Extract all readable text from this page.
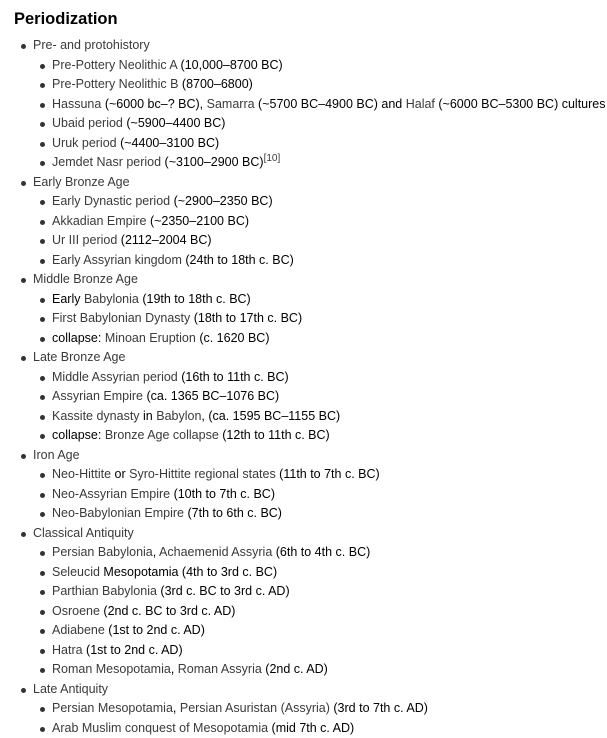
Periodization
Pre- and protohistory
Pre-Pottery Neolithic A (10,000–8700 BC)
Pre-Pottery Neolithic B (8700–6800)
Hassuna (~6000 bc–? BC), Samarra (~5700 BC–4900 BC) and Halaf (~6000 BC–5300 BC) cultures
Ubaid period (~5900–4400 BC)
Uruk period (~4400–3100 BC)
Jemdet Nasr period (~3100–2900 BC)[10]
Early Bronze Age
Early Dynastic period (~2900–2350 BC)
Akkadian Empire (~2350–2100 BC)
Ur III period (2112–2004 BC)
Early Assyrian kingdom (24th to 18th c. BC)
Middle Bronze Age
Early Babylonia (19th to 18th c. BC)
First Babylonian Dynasty (18th to 17th c. BC)
collapse: Minoan Eruption (c. 1620 BC)
Late Bronze Age
Middle Assyrian period (16th to 11th c. BC)
Assyrian Empire (ca. 1365 BC–1076 BC)
Kassite dynasty in Babylon, (ca. 1595 BC–1155 BC)
collapse: Bronze Age collapse (12th to 11th c. BC)
Iron Age
Neo-Hittite or Syro-Hittite regional states (11th to 7th c. BC)
Neo-Assyrian Empire (10th to 7th c. BC)
Neo-Babylonian Empire (7th to 6th c. BC)
Classical Antiquity
Persian Babylonia, Achaemenid Assyria (6th to 4th c. BC)
Seleucid Mesopotamia (4th to 3rd c. BC)
Parthian Babylonia (3rd c. BC to 3rd c. AD)
Osroene (2nd c. BC to 3rd c. AD)
Adiabene (1st to 2nd c. AD)
Hatra (1st to 2nd c. AD)
Roman Mesopotamia, Roman Assyria (2nd c. AD)
Late Antiquity
Persian Mesopotamia, Persian Asuristan (Assyria) (3rd to 7th c. AD)
Arab Muslim conquest of Mesopotamia (mid 7th c. AD)
